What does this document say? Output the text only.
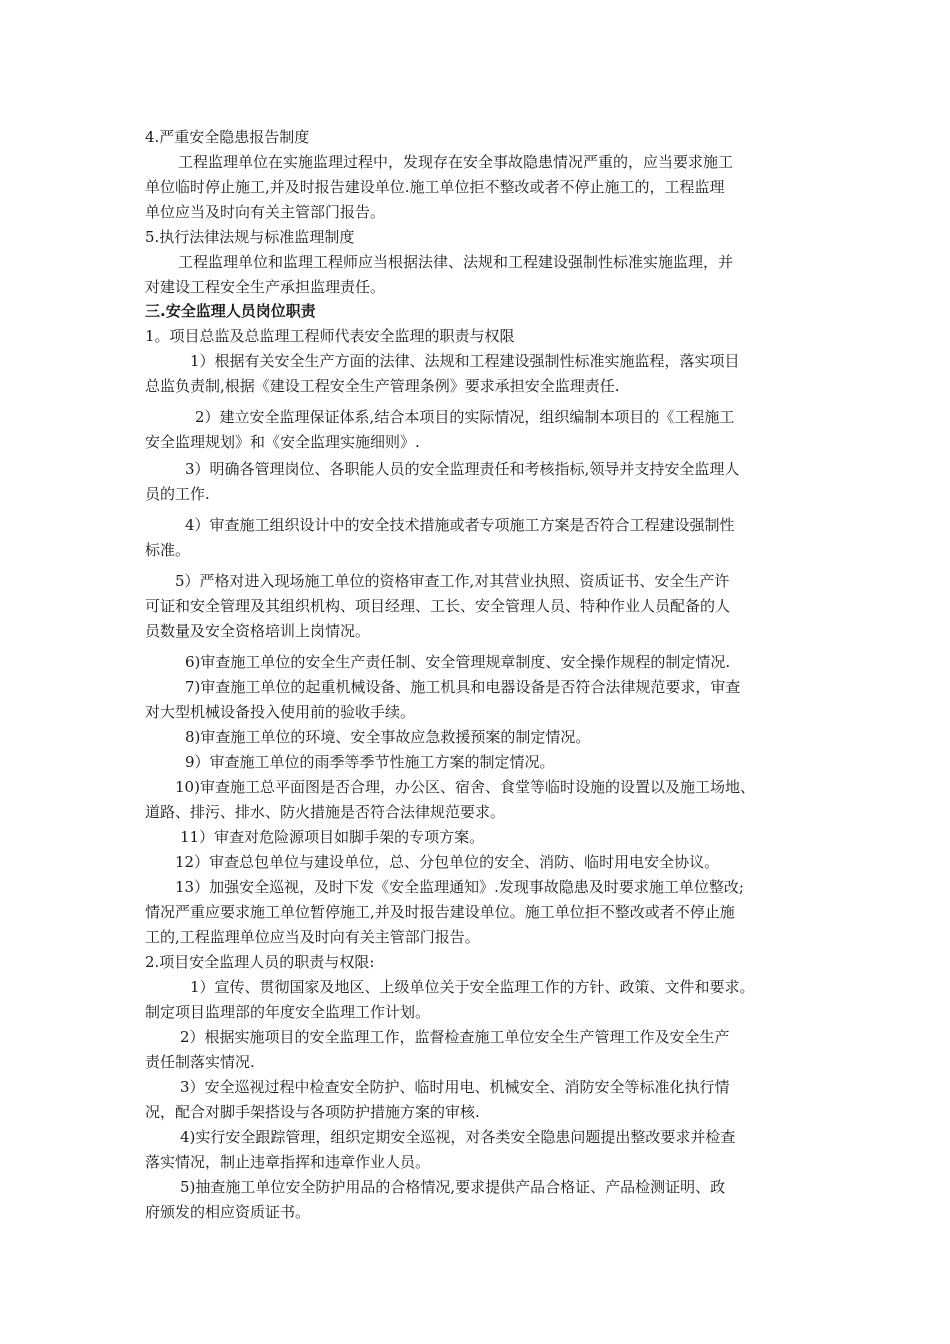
4.严重安全隐患报告制度
工程监理单位在实施监理过程中，发现存在安全事故隐患情况严重的，应当要求施工
单位临时停止施工,并及时报告建设单位.施工单位拒不整改或者不停止施工的，工程监理
单位应当及时向有关主管部门报告。
5.执行法律法规与标准监理制度
工程监理单位和监理工程师应当根据法律、法规和工程建设强制性标准实施监理，并
对建设工程安全生产承担监理责任。
三.安全监理人员岗位职责
1。项目总监及总监理工程师代表安全监理的职责与权限
1）根据有关安全生产方面的法律、法规和工程建设强制性标准实施监程，落实项目
总监负责制,根据《建设工程安全生产管理条例》要求承担安全监理责任.
2）建立安全监理保证体系,结合本项目的实际情况，组织编制本项目的《工程施工
安全监理规划》和《安全监理实施细则》.
3）明确各管理岗位、各职能人员的安全监理责任和考核指标,领导并支持安全监理人
员的工作.
4）审查施工组织设计中的安全技术措施或者专项施工方案是否符合工程建设强制性
标准。
5）严格对进入现场施工单位的资格审查工作,对其营业执照、资质证书、安全生产许
可证和安全管理及其组织机构、项目经理、工长、安全管理人员、特种作业人员配备的人
员数量及安全资格培训上岗情况。
6)审查施工单位的安全生产责任制、安全管理规章制度、安全操作规程的制定情况.
7)审查施工单位的起重机械设备、施工机具和电器设备是否符合法律规范要求，审查
对大型机械设备投入使用前的验收手续。
8)审查施工单位的环境、安全事故应急救援预案的制定情况。
9）审查施工单位的雨季等季节性施工方案的制定情况。
10)审查施工总平面图是否合理，办公区、宿舍、食堂等临时设施的设置以及施工场地、
道路、排污、排水、防火措施是否符合法律规范要求。
11）审查对危险源项目如脚手架的专项方案。
12）审查总包单位与建设单位，总、分包单位的安全、消防、临时用电安全协议。
13）加强安全巡视，及时下发《安全监理通知》.发现事故隐患及时要求施工单位整改;
情况严重应要求施工单位暂停施工,并及时报告建设单位。施工单位拒不整改或者不停止施
工的,工程监理单位应当及时向有关主管部门报告。
2.项目安全监理人员的职责与权限:
1）宣传、贯彻国家及地区、上级单位关于安全监理工作的方针、政策、文件和要求。
制定项目监理部的年度安全监理工作计划。
2）根据实施项目的安全监理工作，监督检查施工单位安全生产管理工作及安全生产
责任制落实情况.
3）安全巡视过程中检查安全防护、临时用电、机械安全、消防安全等标准化执行情
况，配合对脚手架搭设与各项防护措施方案的审核.
4)实行安全跟踪管理，组织定期安全巡视，对各类安全隐患问题提出整改要求并检查
落实情况，制止违章指挥和违章作业人员。
5)抽查施工单位安全防护用品的合格情况,要求提供产品合格证、产品检测证明、政
府颁发的相应资质证书。
